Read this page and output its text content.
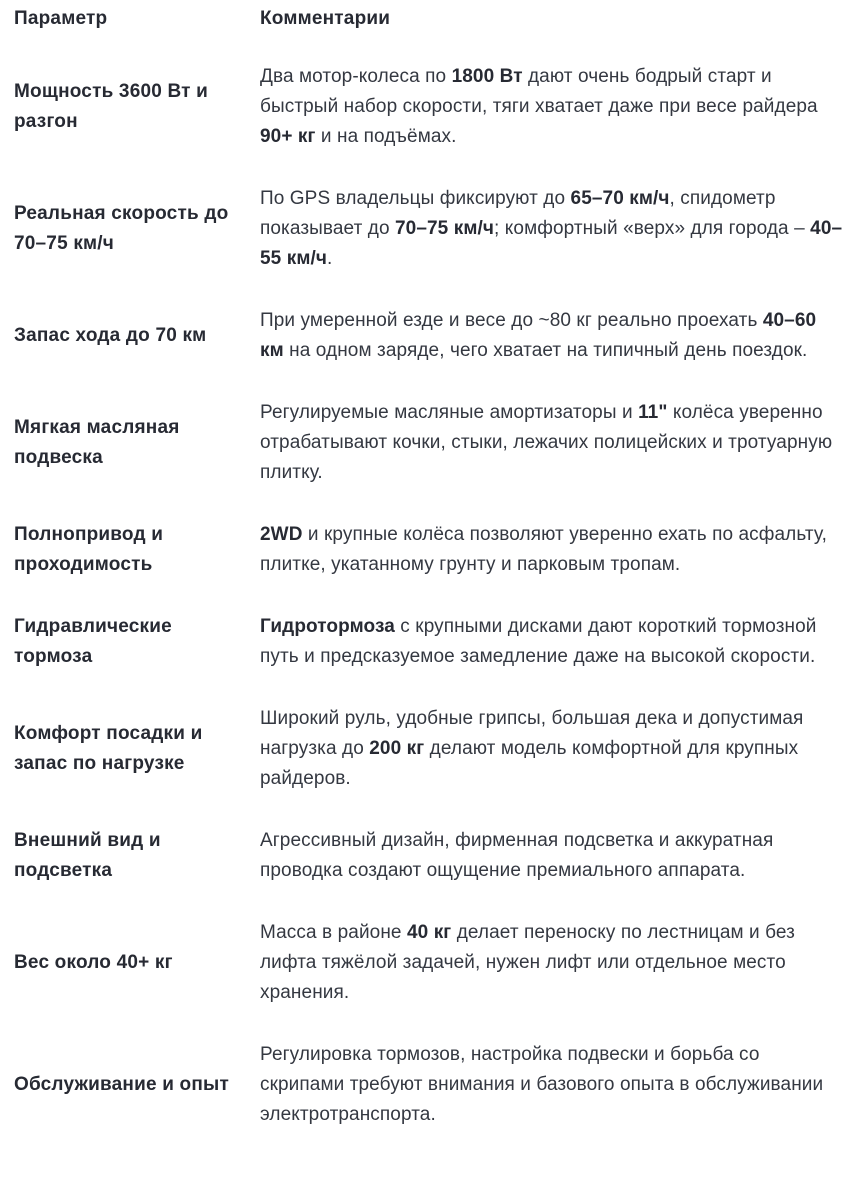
Параметр	Комментарии
Мощность 3600 Вт и разгон	Два мотор-колеса по 1800 Вт дают очень бодрый старт и быстрый набор скорости, тяги хватает даже при весе райдера 90+ кг и на подъёмах.
Реальная скорость до 70–75 км/ч	По GPS владельцы фиксируют до 65–70 км/ч, спидометр показывает до 70–75 км/ч; комфортный «верх» для города – 40–55 км/ч.
Запас хода до 70 км	При умеренной езде и весе до ~80 кг реально проехать 40–60 км на одном заряде, чего хватает на типичный день поездок.
Мягкая масляная подвеска	Регулируемые масляные амортизаторы и 11" колёса уверенно отрабатывают кочки, стыки, лежачих полицейских и тротуарную плитку.
Полнопривод и проходимость	2WD и крупные колёса позволяют уверенно ехать по асфальту, плитке, укатанному грунту и парковым тропам.
Гидравлические тормоза	Гидротормоза с крупными дисками дают короткий тормозной путь и предсказуемое замедление даже на высокой скорости.
Комфорт посадки и запас по нагрузке	Широкий руль, удобные грипсы, большая дека и допустимая нагрузка до 200 кг делают модель комфортной для крупных райдеров.
Внешний вид и подсветка	Агрессивный дизайн, фирменная подсветка и аккуратная проводка создают ощущение премиального аппарата.
Вес около 40+ кг	Масса в районе 40 кг делает переноску по лестницам и без лифта тяжёлой задачей, нужен лифт или отдельное место хранения.
Обслуживание и опыт	Регулировка тормозов, настройка подвески и борьба со скрипами требуют внимания и базового опыта в обслуживании электротранспорта.
